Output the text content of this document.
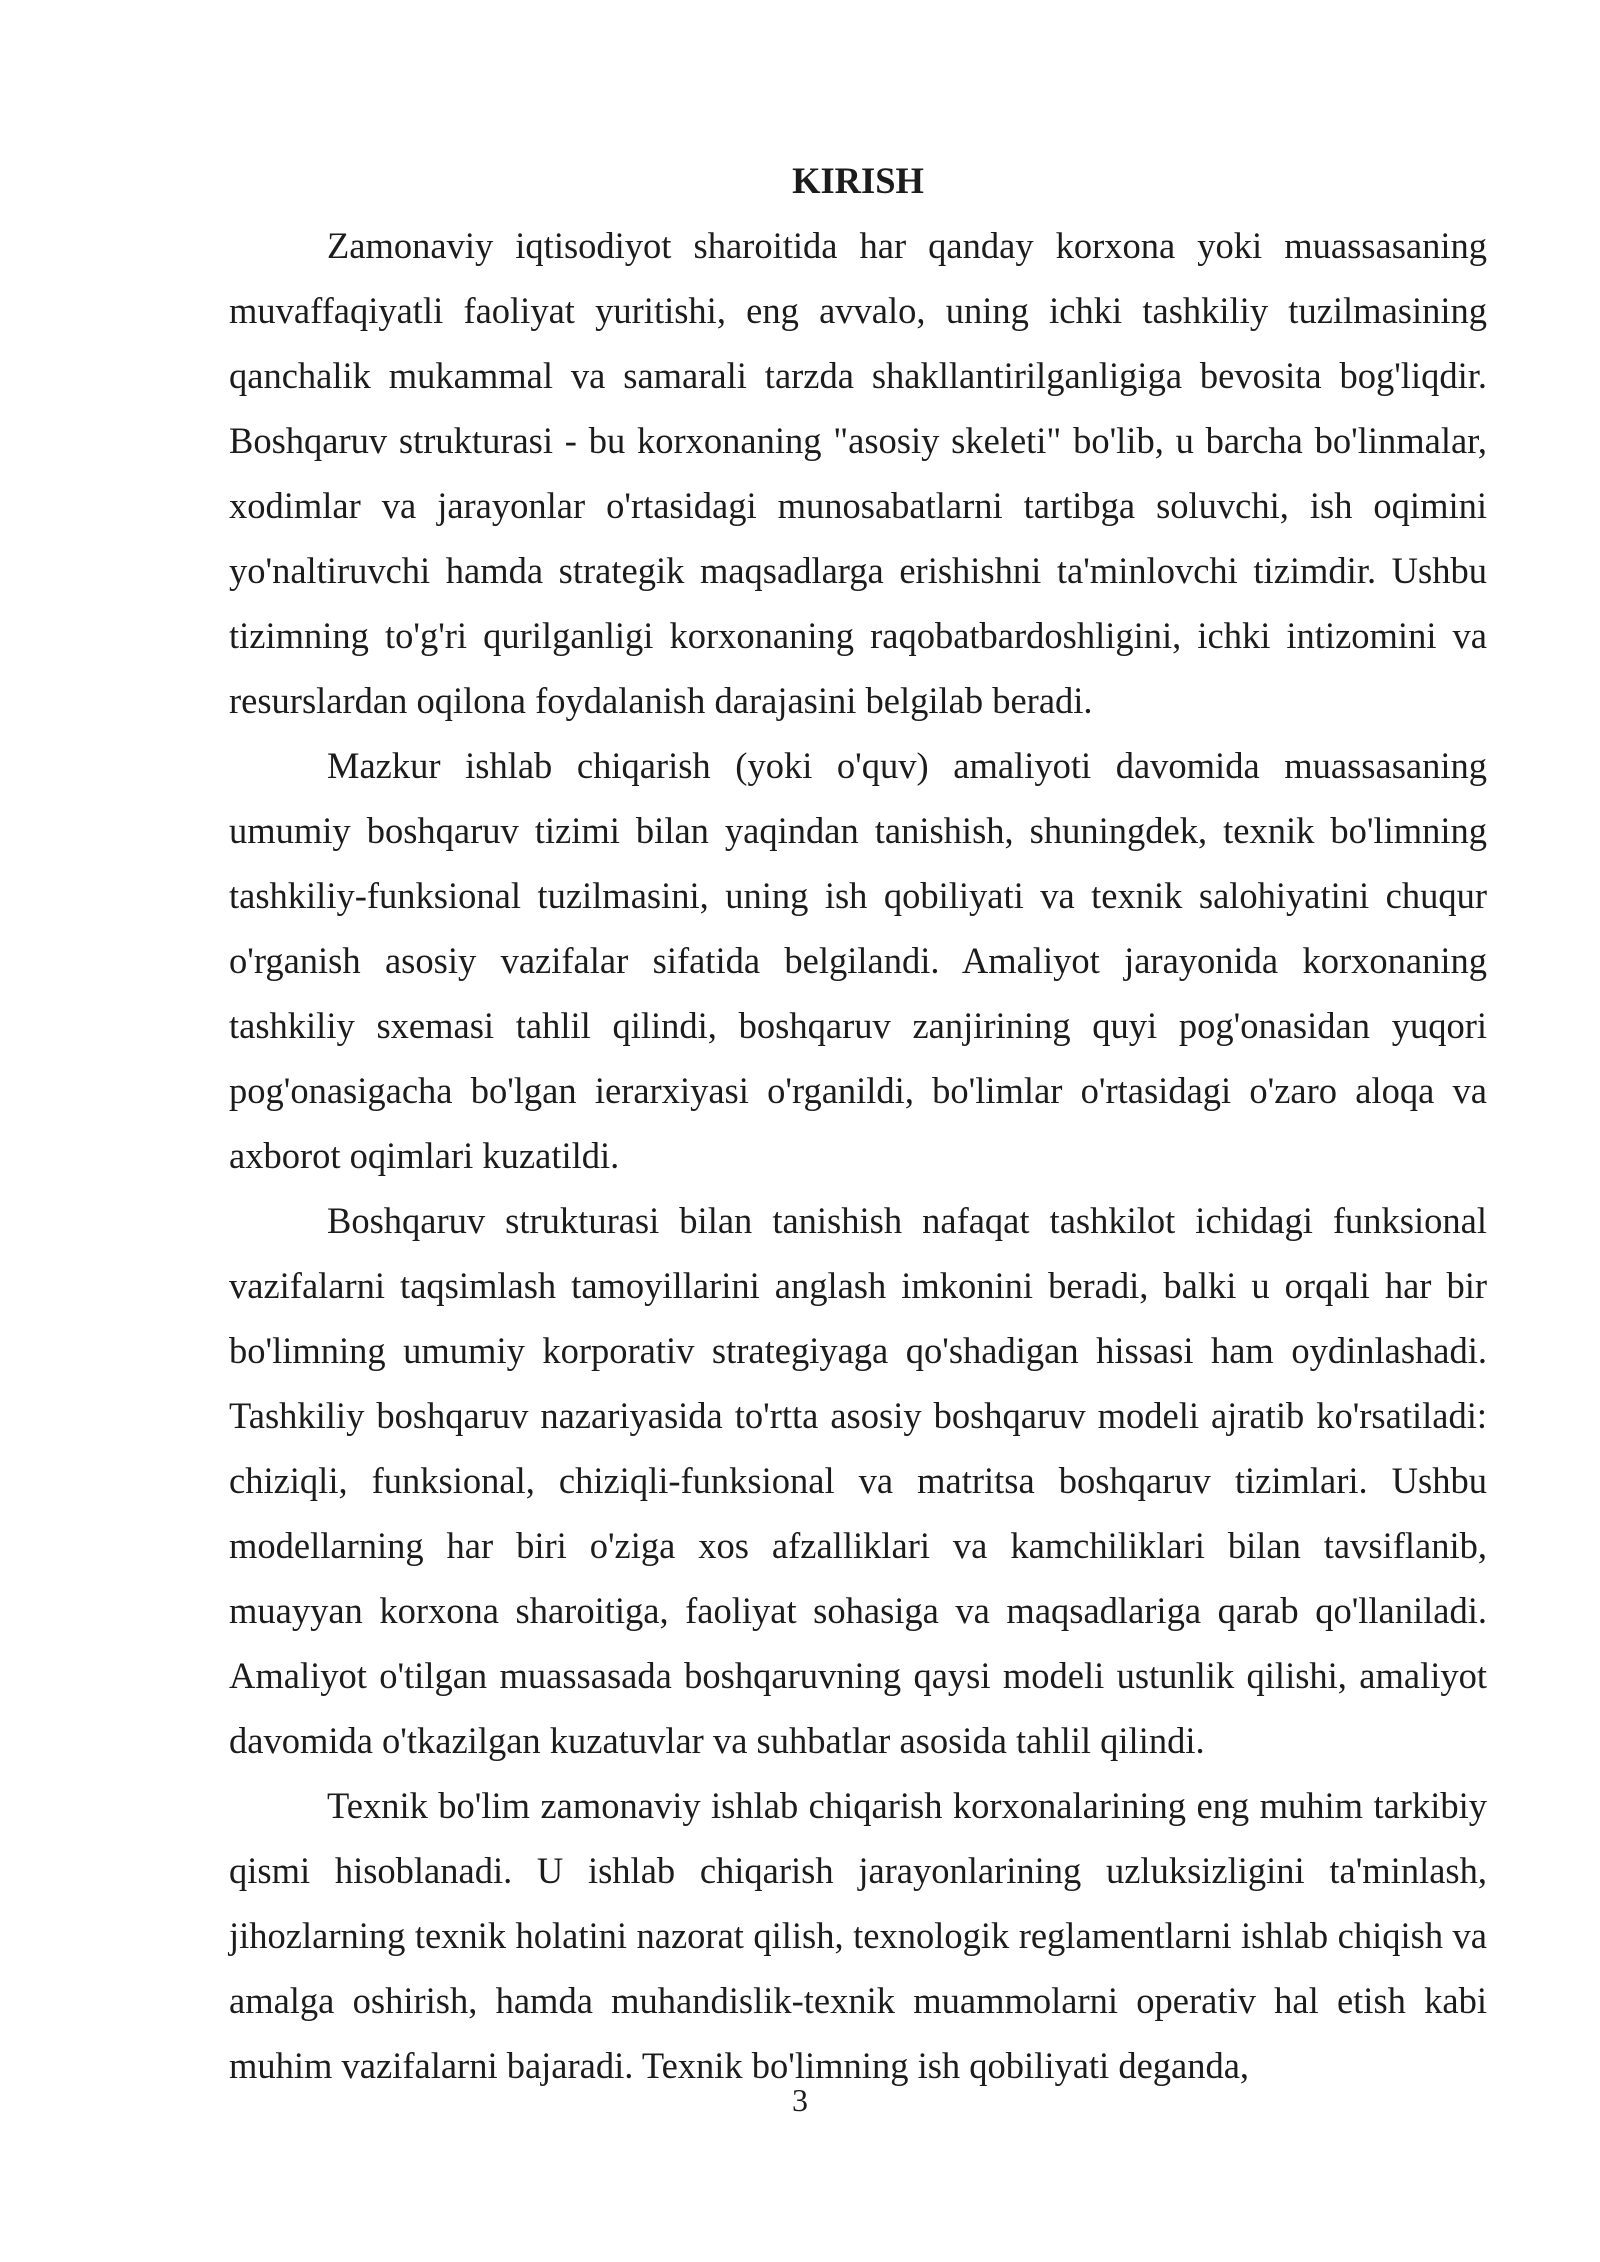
KIRISH

Zamonaviy iqtisodiyot sharoitida har qanday korxona yoki muassasaning muvaffaqiyatli faoliyat yuritishi, eng avvalo, uning ichki tashkiliy tuzilmasining qanchalik mukammal va samarali tarzda shakllantirilganligiga bevosita bog'liqdir. Boshqaruv strukturasi - bu korxonaning "asosiy skeleti" bo'lib, u barcha bo'linmalar, xodimlar va jarayonlar o'rtasidagi munosabatlarni tartibga soluvchi, ish oqimini yo'naltiruvchi hamda strategik maqsadlarga erishishni ta'minlovchi tizimdir. Ushbu tizimning to'g'ri qurilganligi korxonaning raqobatbardoshligini, ichki intizomini va resurslardan oqilona foydalanish darajasini belgilab beradi.

Mazkur ishlab chiqarish (yoki o'quv) amaliyoti davomida muassasaning umumiy boshqaruv tizimi bilan yaqindan tanishish, shuningdek, texnik bo'limning tashkiliy-funksional tuzilmasini, uning ish qobiliyati va texnik salohiyatini chuqur o'rganish asosiy vazifalar sifatida belgilandi. Amaliyot jarayonida korxonaning tashkiliy sxemasi tahlil qilindi, boshqaruv zanjirining quyi pog'onasidan yuqori pog'onasigacha bo'lgan ierarxiyasi o'rganildi, bo'limlar o'rtasidagi o'zaro aloqa va axborot oqimlari kuzatildi.

Boshqaruv strukturasi bilan tanishish nafaqat tashkilot ichidagi funksional vazifalarni taqsimlash tamoyillarini anglash imkonini beradi, balki u orqali har bir bo'limning umumiy korporativ strategiyaga qo'shadigan hissasi ham oydinlashadi. Tashkiliy boshqaruv nazariyasida to'rtta asosiy boshqaruv modeli ajratib ko'rsatiladi: chiziqli, funksional, chiziqli-funksional va matritsa boshqaruv tizimlari. Ushbu modellarning har biri o'ziga xos afzalliklari va kamchiliklari bilan tavsiflanib, muayyan korxona sharoitiga, faoliyat sohasiga va maqsadlariga qarab qo'llaniladi. Amaliyot o'tilgan muassasada boshqaruvning qaysi modeli ustunlik qilishi, amaliyot davomida o'tkazilgan kuzatuvlar va suhbatlar asosida tahlil qilindi.

Texnik bo'lim zamonaviy ishlab chiqarish korxonalarining eng muhim tarkibiy qismi hisoblanadi. U ishlab chiqarish jarayonlarining uzluksizligini ta'minlash, jihozlarning texnik holatini nazorat qilish, texnologik reglamentlarni ishlab chiqish va amalga oshirish, hamda muhandislik-texnik muammolarni operativ hal etish kabi muhim vazifalarni bajaradi. Texnik bo'limning ish qobiliyati deganda,

3
